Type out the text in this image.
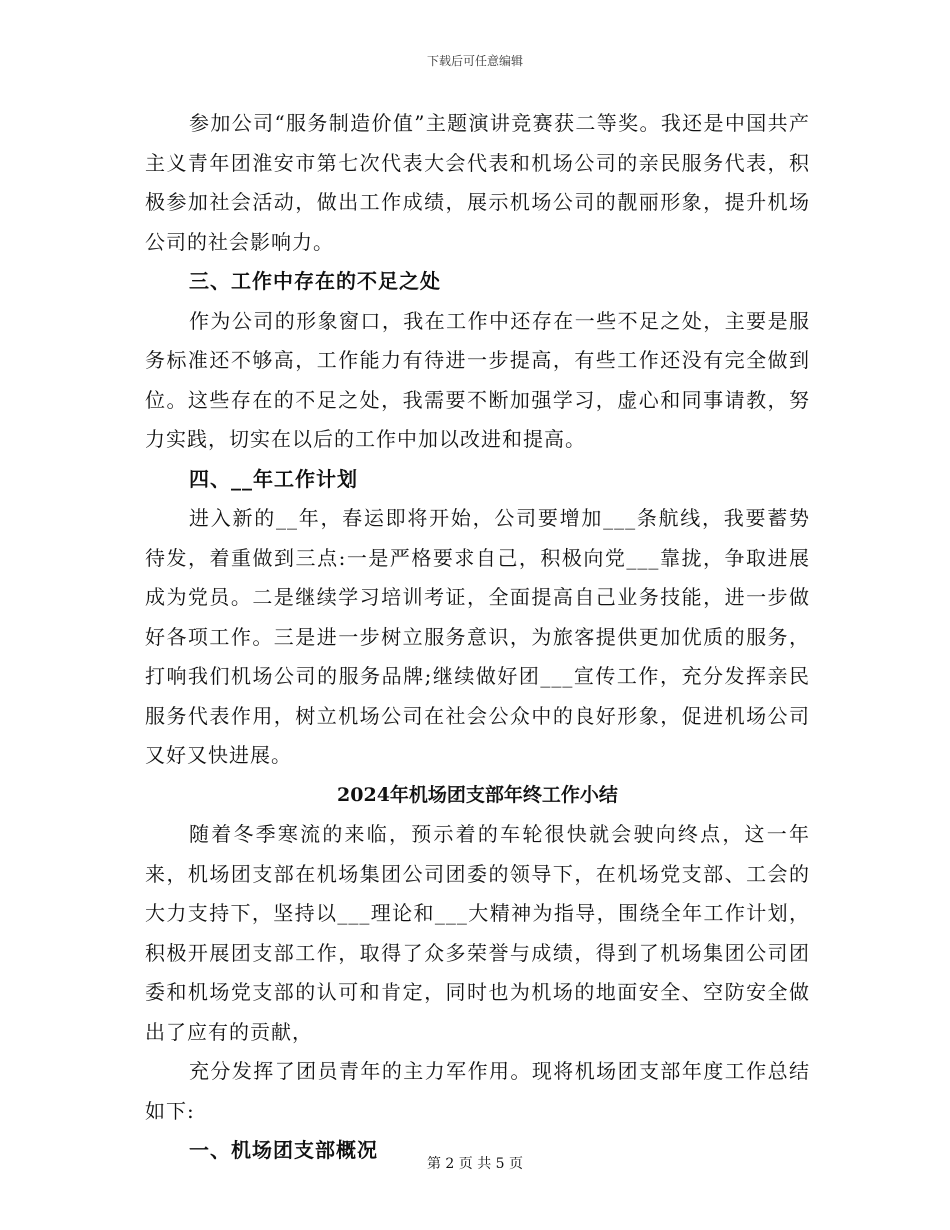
下载后可任意编辑

参加公司“服务制造价值”主题演讲竞赛获二等奖。我还是中国共产主义青年团淮安市第七次代表大会代表和机场公司的亲民服务代表，积极参加社会活动，做出工作成绩，展示机场公司的靓丽形象，提升机场公司的社会影响力。

三、工作中存在的不足之处

作为公司的形象窗口，我在工作中还存在一些不足之处，主要是服务标准还不够高，工作能力有待进一步提高，有些工作还没有完全做到位。这些存在的不足之处，我需要不断加强学习，虚心和同事请教，努力实践，切实在以后的工作中加以改进和提高。

四、__年工作计划

进入新的__年，春运即将开始，公司要增加___条航线，我要蓄势待发，着重做到三点:一是严格要求自己，积极向党___靠拢，争取进展成为党员。二是继续学习培训考证，全面提高自己业务技能，进一步做好各项工作。三是进一步树立服务意识，为旅客提供更加优质的服务，打响我们机场公司的服务品牌;继续做好团___宣传工作，充分发挥亲民服务代表作用，树立机场公司在社会公众中的良好形象，促进机场公司又好又快进展。

2024年机场团支部年终工作小结

随着冬季寒流的来临，预示着的车轮很快就会驶向终点，这一年来，机场团支部在机场集团公司团委的领导下，在机场党支部、工会的大力支持下，坚持以___理论和___大精神为指导，围绕全年工作计划，积极开展团支部工作，取得了众多荣誉与成绩，得到了机场集团公司团委和机场党支部的认可和肯定，同时也为机场的地面安全、空防安全做出了应有的贡献，

充分发挥了团员青年的主力军作用。现将机场团支部年度工作总结如下:

一、机场团支部概况

第 2 页 共 5 页
